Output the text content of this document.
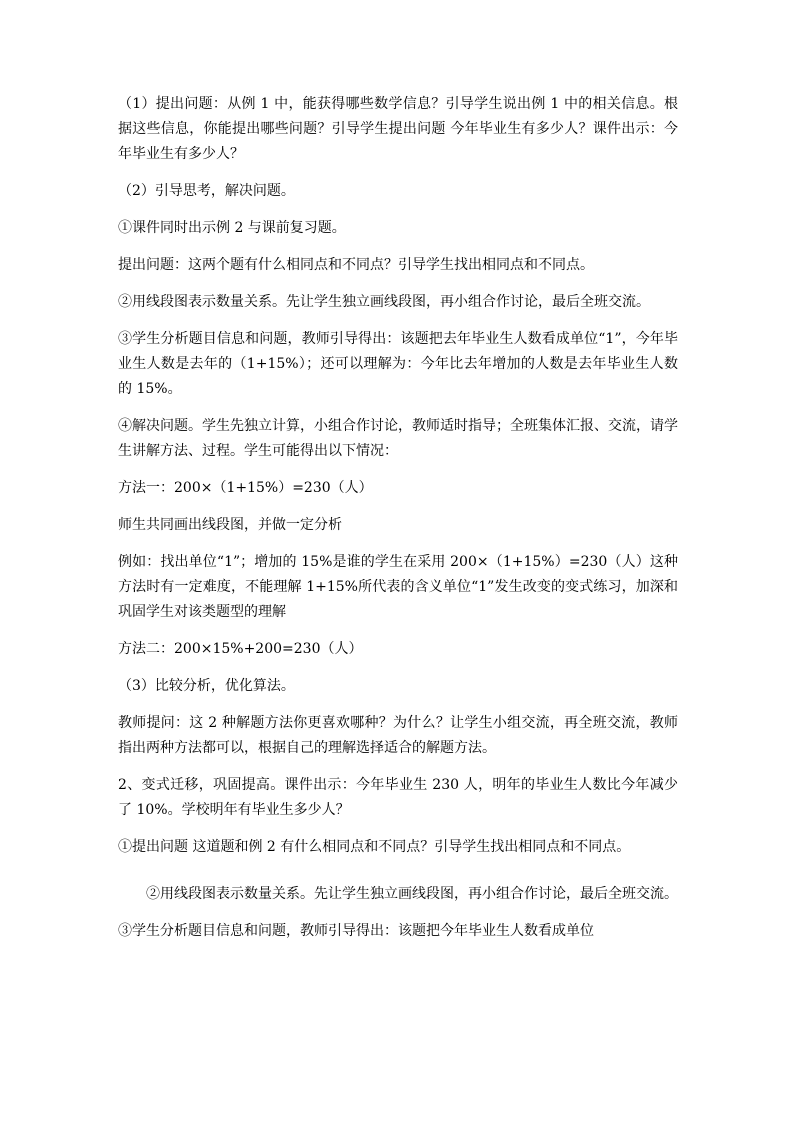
（1）提出问题：从例 1 中，能获得哪些数学信息？引导学生说出例 1 中的相关信息。根据这些信息，你能提出哪些问题？引导学生提出问题 今年毕业生有多少人？课件出示：今年毕业生有多少人？

（2）引导思考，解决问题。

①课件同时出示例 2 与课前复习题。

提出问题：这两个题有什么相同点和不同点？引导学生找出相同点和不同点。

②用线段图表示数量关系。先让学生独立画线段图，再小组合作讨论，最后全班交流。

③学生分析题目信息和问题，教师引导得出：该题把去年毕业生人数看成单位“1”，今年毕业生人数是去年的（1+15%）；还可以理解为：今年比去年增加的人数是去年毕业生人数的 15%。

④解决问题。学生先独立计算，小组合作讨论，教师适时指导；全班集体汇报、交流，请学生讲解方法、过程。学生可能得出以下情况：

方法一：200×（1+15%）=230（人）

师生共同画出线段图，并做一定分析

例如：找出单位“1”；增加的 15%是谁的学生在采用 200×（1+15%）=230（人）这种方法时有一定难度，不能理解 1+15%所代表的含义单位“1”发生改变的变式练习，加深和巩固学生对该类题型的理解

方法二：200×15%+200=230（人）

（3）比较分析，优化算法。

教师提问：这 2 种解题方法你更喜欢哪种？为什么？让学生小组交流，再全班交流，教师指出两种方法都可以，根据自己的理解选择适合的解题方法。

2、变式迁移，巩固提高。课件出示：今年毕业生 230 人，明年的毕业生人数比今年减少了 10%。学校明年有毕业生多少人？

①提出问题 这道题和例 2 有什么相同点和不同点？引导学生找出相同点和不同点。

②用线段图表示数量关系。先让学生独立画线段图，再小组合作讨论，最后全班交流。

③学生分析题目信息和问题，教师引导得出：该题把今年毕业生人数看成单位
